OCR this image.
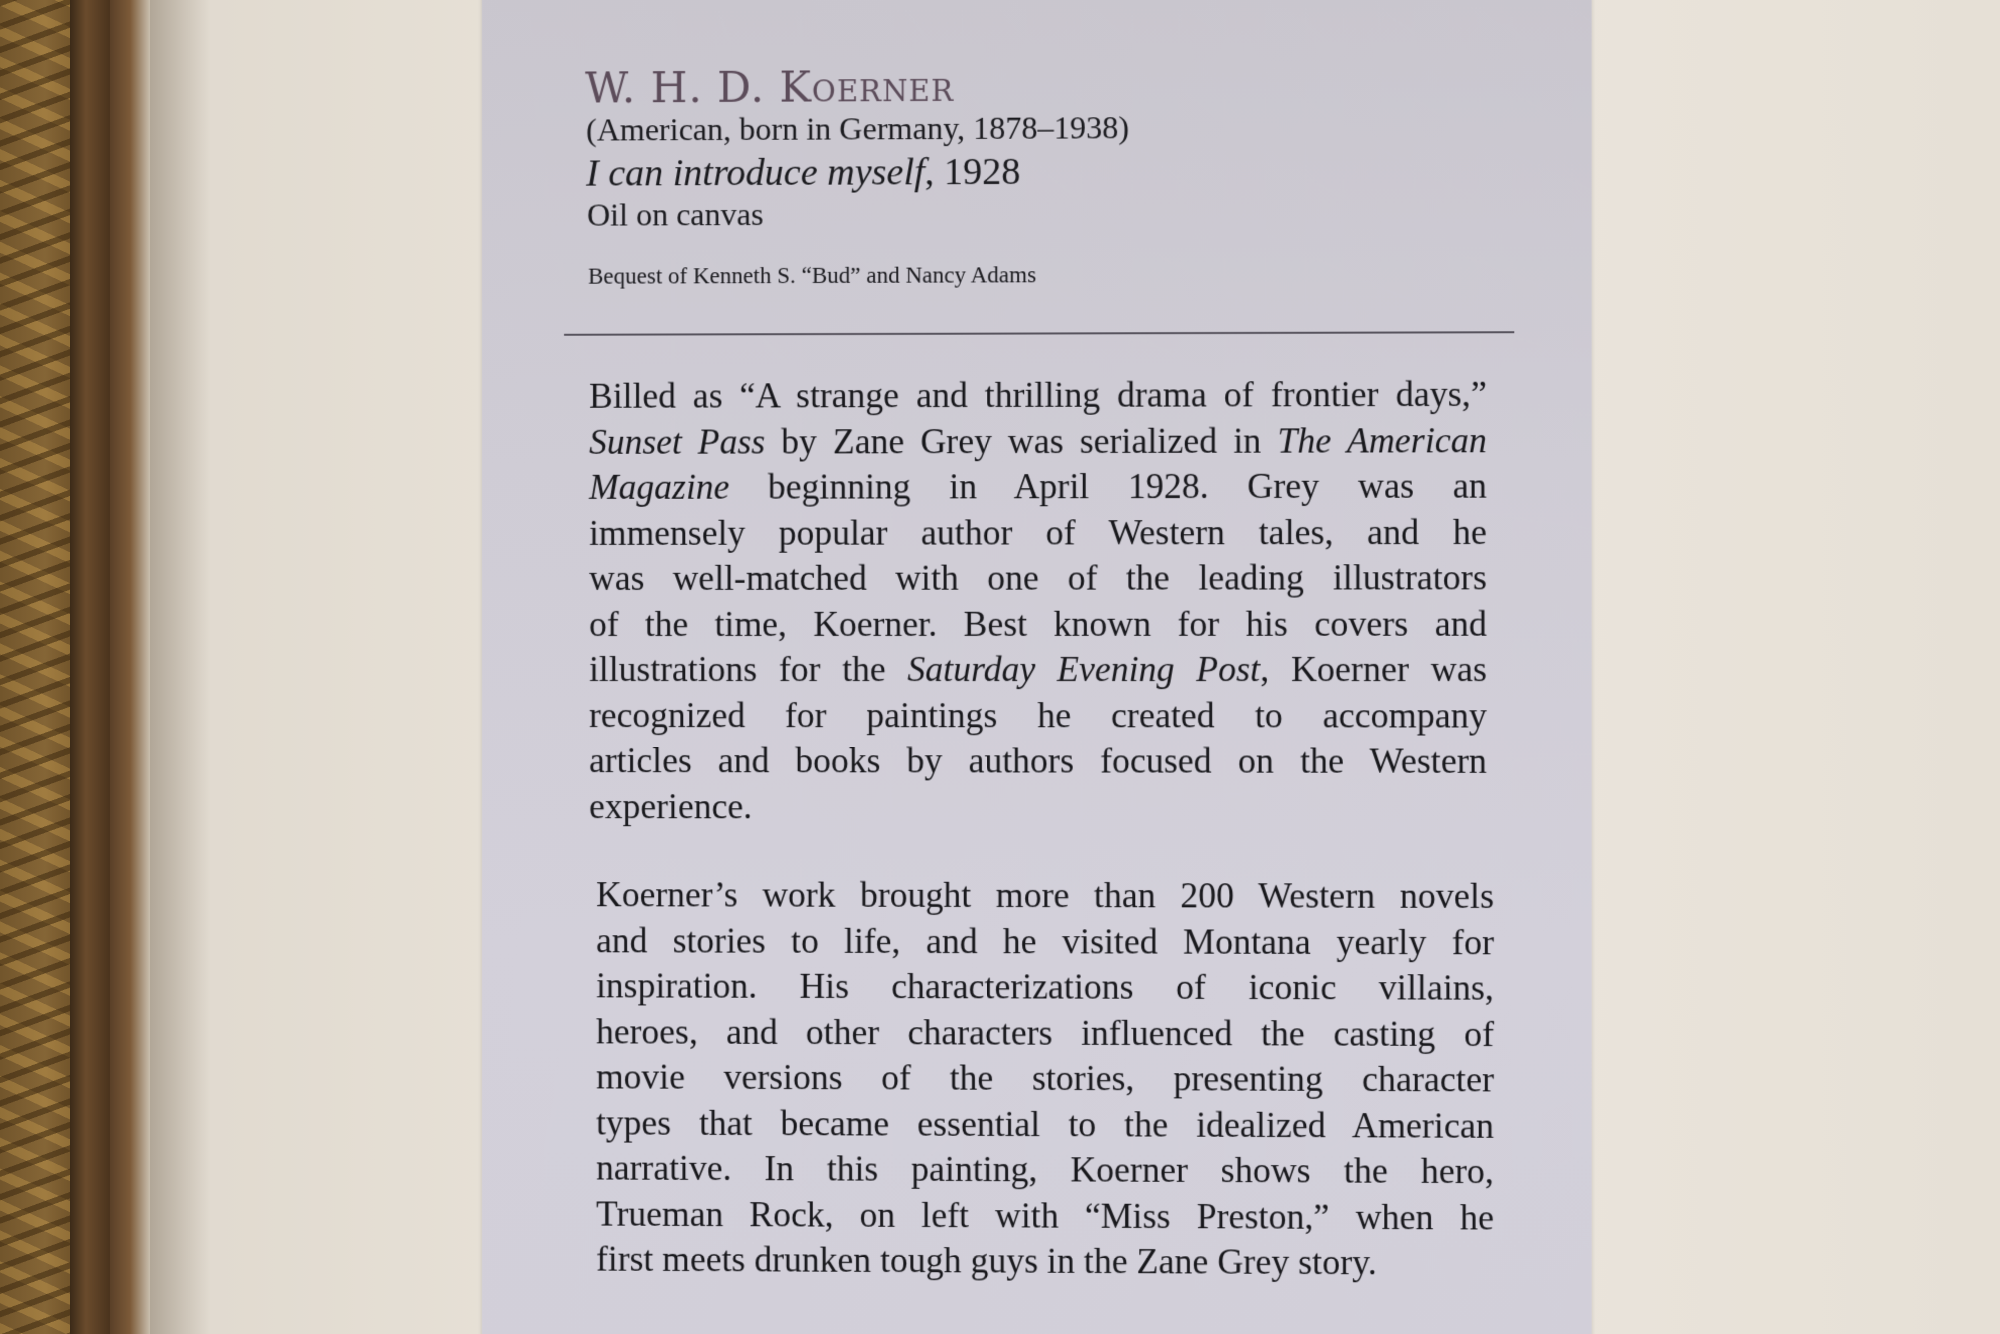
W. H. D. Koerner
(American, born in Germany, 1878–1938)
I can introduce myself, 1928
Oil on canvas
Bequest of Kenneth S. “Bud” and Nancy Adams
Billed as “A strange and thrilling drama of frontier days,”
Sunset Pass by Zane Grey was serialized in The American
Magazine beginning in April 1928. Grey was an
immensely popular author of Western tales, and he
was well-matched with one of the leading illustrators
of the time, Koerner. Best known for his covers and
illustrations for the Saturday Evening Post, Koerner was
recognized for paintings he created to accompany
articles and books by authors focused on the Western
experience.
Koerner’s work brought more than 200 Western novels
and stories to life, and he visited Montana yearly for
inspiration. His characterizations of iconic villains,
heroes, and other characters influenced the casting of
movie versions of the stories, presenting character
types that became essential to the idealized American
narrative. In this painting, Koerner shows the hero,
Trueman Rock, on left with “Miss Preston,” when he
first meets drunken tough guys in the Zane Grey story.
